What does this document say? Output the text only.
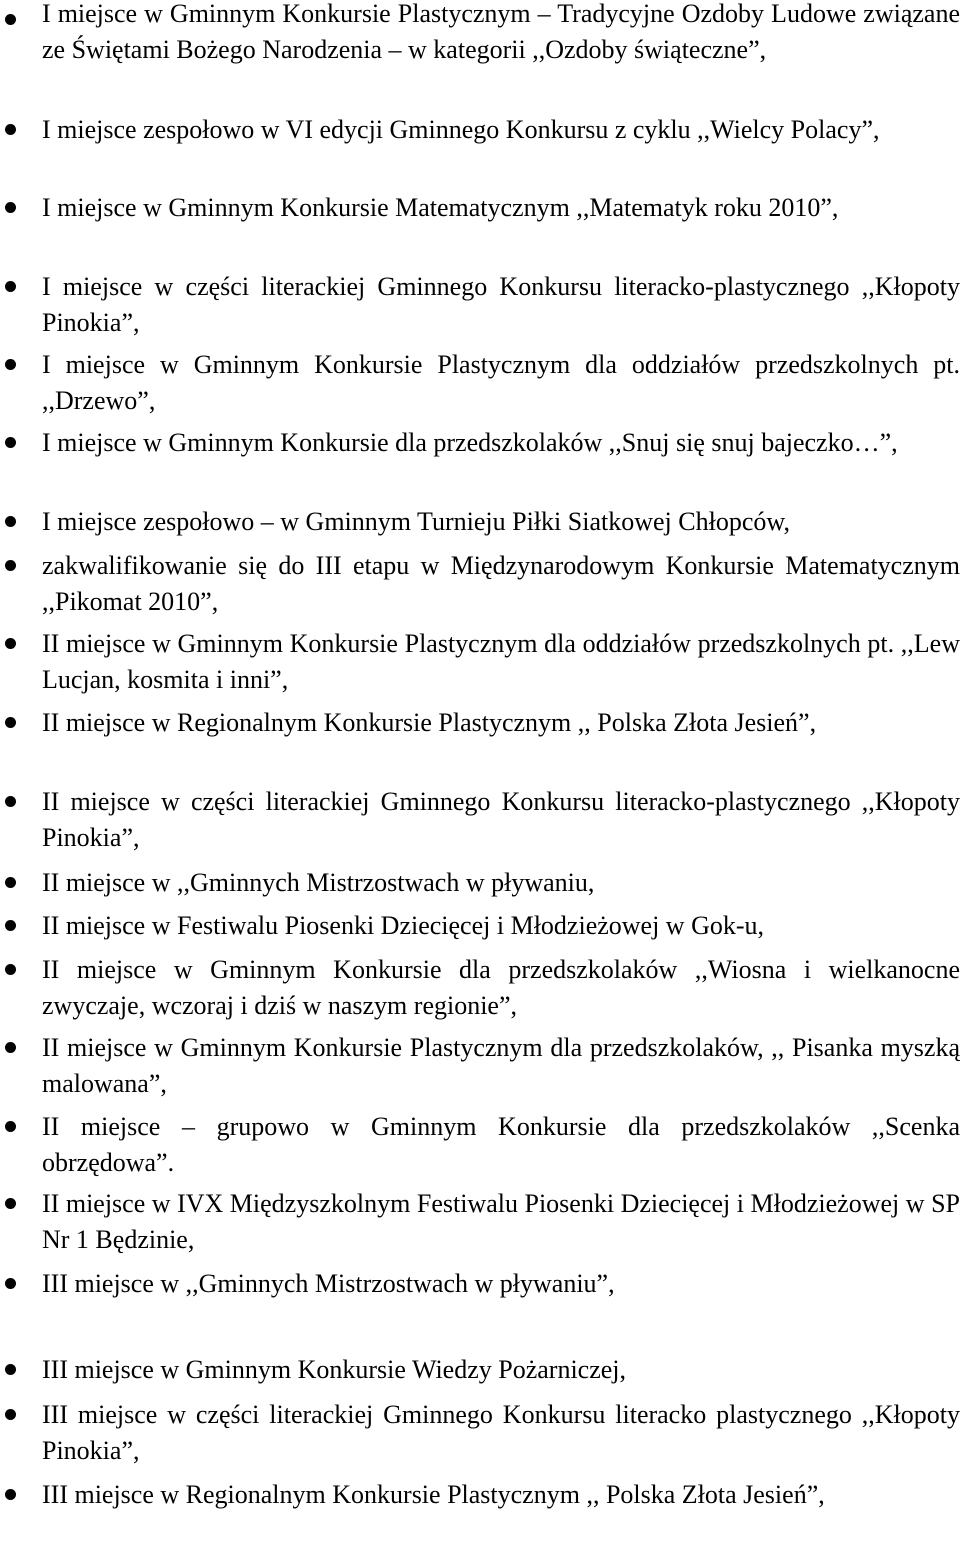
I miejsce w Gminnym Konkursie Plastycznym – Tradycyjne Ozdoby Ludowe związane ze Świętami Bożego Narodzenia – w kategorii ,,Ozdoby świąteczne”,
I miejsce zespołowo w VI edycji Gminnego Konkursu z cyklu ,,Wielcy Polacy”,
I miejsce w Gminnym Konkursie Matematycznym ,,Matematyk roku 2010”,
I miejsce w części literackiej Gminnego Konkursu literacko-plastycznego ,,Kłopoty Pinokia”,
I miejsce w Gminnym Konkursie Plastycznym dla oddziałów przedszkolnych pt. ,,Drzewo”,
I miejsce w Gminnym Konkursie dla przedszkolaków ,,Snuj się snuj bajeczko…”,
I miejsce zespołowo – w Gminnym Turnieju Piłki Siatkowej Chłopców,
zakwalifikowanie się do III etapu w Międzynarodowym Konkursie Matematycznym ,,Pikomat 2010”,
II miejsce w Gminnym Konkursie Plastycznym dla oddziałów przedszkolnych pt. ,,Lew Lucjan, kosmita i inni”,
II miejsce w Regionalnym Konkursie Plastycznym ,, Polska Złota Jesień”,
II miejsce w części literackiej Gminnego Konkursu literacko-plastycznego ,,Kłopoty Pinokia”,
II miejsce w ,,Gminnych Mistrzostwach w pływaniu,
II miejsce w Festiwalu Piosenki Dziecięcej i Młodzieżowej w Gok-u,
II miejsce w Gminnym Konkursie dla przedszkolaków ,,Wiosna i wielkanocne zwyczaje, wczoraj i dziś w naszym regionie”,
II miejsce w Gminnym Konkursie Plastycznym dla przedszkolaków, ,, Pisanka myszką malowana”,
II miejsce – grupowo w Gminnym Konkursie dla przedszkolaków ,,Scenka obrzędowa”.
II miejsce w IVX Międzyszkolnym Festiwalu Piosenki Dziecięcej i Młodzieżowej w SP Nr 1 Będzinie,
III miejsce w ,,Gminnych Mistrzostwach w pływaniu”,
III miejsce w Gminnym Konkursie Wiedzy Pożarniczej,
III miejsce w części literackiej Gminnego Konkursu literacko plastycznego ,,Kłopoty Pinokia”,
III miejsce w Regionalnym Konkursie Plastycznym ,, Polska Złota Jesień”,
